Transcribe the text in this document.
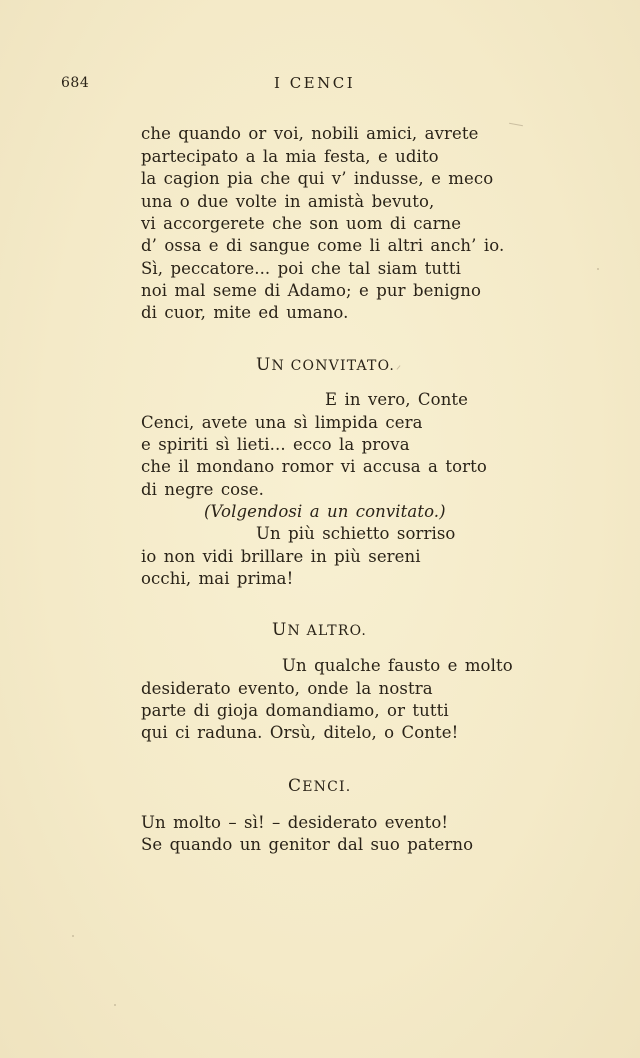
684	I CENCI
che quando or voi, nobili amici, avrete
partecipato a la mia festa, e udito
la cagion pia che qui v’ indusse, e meco
una o due volte in amistà bevuto,
vi accorgerete che son uom di carne
d’ ossa e di sangue come li altri anch’ io.
Sì, peccatore... poi che tal siam tutti
noi mal seme di Adamo; e pur benigno
di cuor, mite ed umano.
UN CONVITATO.
E in vero, Conte
Cenci, avete una sì limpida cera
e spiriti sì lieti... ecco la prova
che il mondano romor vi accusa a torto
di negre cose.
(Volgendosi a un convitato.)
Un più schietto sorriso
io non vidi brillare in più sereni
occhi, mai prima!
UN ALTRO.
Un qualche fausto e molto
desiderato evento, onde la nostra
parte di gioja domandiamo, or tutti
qui ci raduna. Orsù, ditelo, o Conte!
CENCI.
Un molto – sì! – desiderato evento!
Se quando un genitor dal suo paterno
